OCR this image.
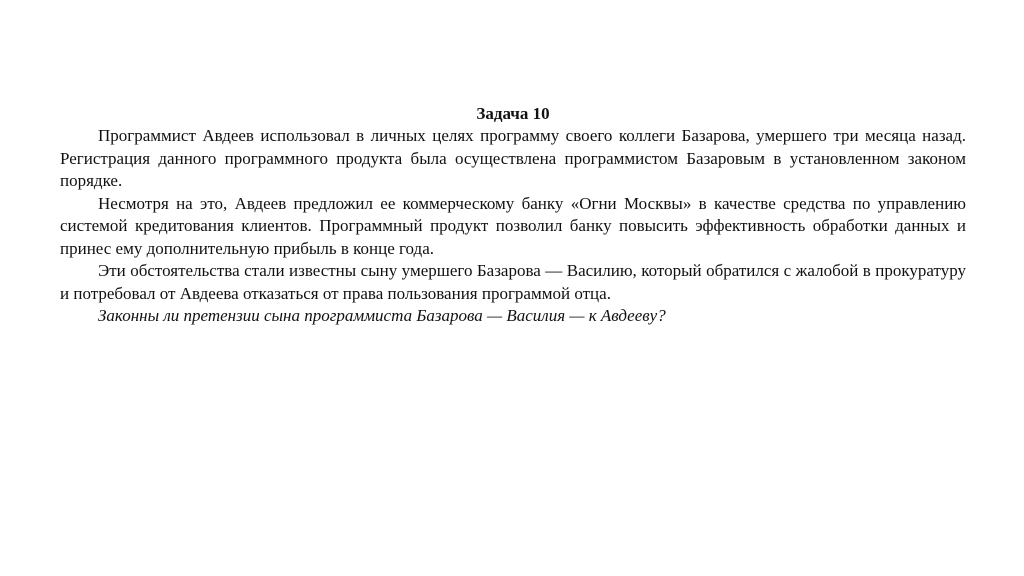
Задача 10

Программист Авдеев использовал в личных целях программу своего коллеги Базарова, умершего три месяца назад. Регистрация данного программного продукта была осуществлена программистом Базаровым в установленном законом порядке.

Несмотря на это, Авдеев предложил ее коммерческому банку «Огни Москвы» в качестве средства по управлению системой кредитования клиентов. Программный продукт позволил банку повысить эффективность обработки данных и принес ему дополнительную прибыль в конце года.

Эти обстоятельства стали известны сыну умершего Базарова — Василию, который обратился с жалобой в прокуратуру и потребовал от Авдеева отказаться от права пользования программой отца.

Законны ли претензии сына программиста Базарова — Василия — к Авдееву?
